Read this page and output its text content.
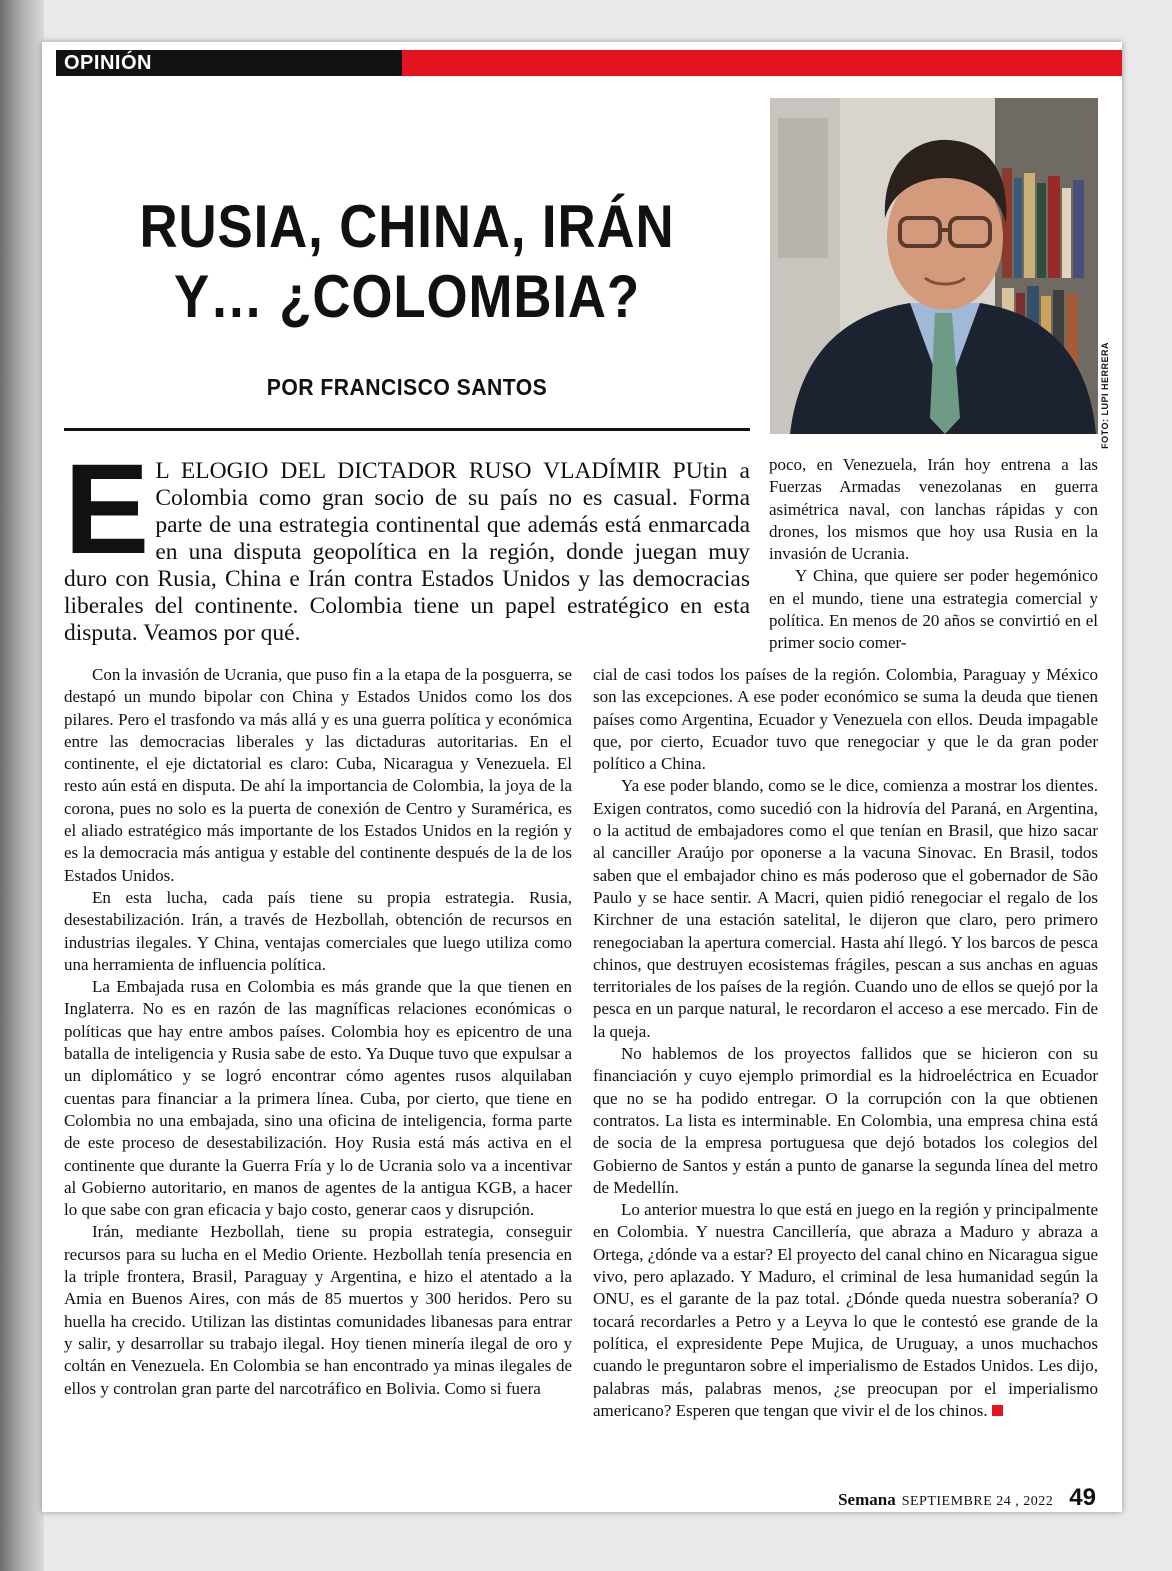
OPINIÓN
RUSIA, CHINA, IRÁN
Y… ¿COLOMBIA?
POR FRANCISCO SANTOS	FOTO: LUPI HERRERA

E L ELOGIO DEL DICTADOR RUSO VLADÍMIR PUtin a Colombia como gran socio de su país no es casual. Forma parte de una estrategia continental que además está enmarcada en una disputa geopolítica en la región, donde juegan muy duro con Rusia, China e Irán contra Estados Unidos y las democracias liberales del continente. Colombia tiene un papel estratégico en esta disputa. Veamos por qué.

poco, en Venezuela, Irán hoy entrena a las Fuerzas Armadas venezolanas en guerra asimétrica naval, con lanchas rápidas y con drones, los mismos que hoy usa Rusia en la invasión de Ucrania.

Y China, que quiere ser poder hegemónico en el mundo, tiene una estrategia comercial y política. En menos de 20 años se convirtió en el primer socio comer-

Con la invasión de Ucrania, que puso fin a la etapa de la posguerra, se destapó un mundo bipolar con China y Estados Unidos como los dos pilares. Pero el trasfondo va más allá y es una guerra política y económica entre las democracias liberales y las dictaduras autoritarias. En el continente, el eje dictatorial es claro: Cuba, Nicaragua y Venezuela. El resto aún está en disputa. De ahí la importancia de Colombia, la joya de la corona, pues no solo es la puerta de conexión de Centro y Suramérica, es el aliado estratégico más importante de los Estados Unidos en la región y es la democracia más antigua y estable del continente después de la de los Estados Unidos.

En esta lucha, cada país tiene su propia estrategia. Rusia, desestabilización. Irán, a través de Hezbollah, obtención de recursos en industrias ilegales. Y China, ventajas comerciales que luego utiliza como una herramienta de influencia política.

La Embajada rusa en Colombia es más grande que la que tienen en Inglaterra. No es en razón de las magníficas relaciones económicas o políticas que hay entre ambos países. Colombia hoy es epicentro de una batalla de inteligencia y Rusia sabe de esto. Ya Duque tuvo que expulsar a un diplomático y se logró encontrar cómo agentes rusos alquilaban cuentas para financiar a la primera línea. Cuba, por cierto, que tiene en Colombia no una embajada, sino una oficina de inteligencia, forma parte de este proceso de desestabilización. Hoy Rusia está más activa en el continente que durante la Guerra Fría y lo de Ucrania solo va a incentivar al Gobierno autoritario, en manos de agentes de la antigua KGB, a hacer lo que sabe con gran eficacia y bajo costo, generar caos y disrupción.

Irán, mediante Hezbollah, tiene su propia estrategia, conseguir recursos para su lucha en el Medio Oriente. Hezbollah tenía presencia en la triple frontera, Brasil, Paraguay y Argentina, e hizo el atentado a la Amia en Buenos Aires, con más de 85 muertos y 300 heridos. Pero su huella ha crecido. Utilizan las distintas comunidades libanesas para entrar y salir, y desarrollar su trabajo ilegal. Hoy tienen minería ilegal de oro y coltán en Venezuela. En Colombia se han encontrado ya minas ilegales de ellos y controlan gran parte del narcotráfico en Bolivia. Como si fuera

cial de casi todos los países de la región. Colombia, Paraguay y México son las excepciones. A ese poder económico se suma la deuda que tienen países como Argentina, Ecuador y Venezuela con ellos. Deuda impagable que, por cierto, Ecuador tuvo que renegociar y que le da gran poder político a China.

Ya ese poder blando, como se le dice, comienza a mostrar los dientes. Exigen contratos, como sucedió con la hidrovía del Paraná, en Argentina, o la actitud de embajadores como el que tenían en Brasil, que hizo sacar al canciller Araújo por oponerse a la vacuna Sinovac. En Brasil, todos saben que el embajador chino es más poderoso que el gobernador de São Paulo y se hace sentir. A Macri, quien pidió renegociar el regalo de los Kirchner de una estación satelital, le dijeron que claro, pero primero renegociaban la apertura comercial. Hasta ahí llegó. Y los barcos de pesca chinos, que destruyen ecosistemas frágiles, pescan a sus anchas en aguas territoriales de los países de la región. Cuando uno de ellos se quejó por la pesca en un parque natural, le recordaron el acceso a ese mercado. Fin de la queja.

No hablemos de los proyectos fallidos que se hicieron con su financiación y cuyo ejemplo primordial es la hidroeléctrica en Ecuador que no se ha podido entregar. O la corrupción con la que obtienen contratos. La lista es interminable. En Colombia, una empresa china está de socia de la empresa portuguesa que dejó botados los colegios del Gobierno de Santos y están a punto de ganarse la segunda línea del metro de Medellín.

Lo anterior muestra lo que está en juego en la región y principalmente en Colombia. Y nuestra Cancillería, que abraza a Maduro y abraza a Ortega, ¿dónde va a estar? El proyecto del canal chino en Nicaragua sigue vivo, pero aplazado. Y Maduro, el criminal de lesa humanidad según la ONU, es el garante de la paz total. ¿Dónde queda nuestra soberanía? O tocará recordarles a Petro y a Leyva lo que le contestó ese grande de la política, el expresidente Pepe Mujica, de Uruguay, a unos muchachos cuando le preguntaron sobre el imperialismo de Estados Unidos. Les dijo, palabras más, palabras menos, ¿se preocupan por el imperialismo americano? Esperen que tengan que vivir el de los chinos.

Semana SEPTIEMBRE 24 , 2022 49
